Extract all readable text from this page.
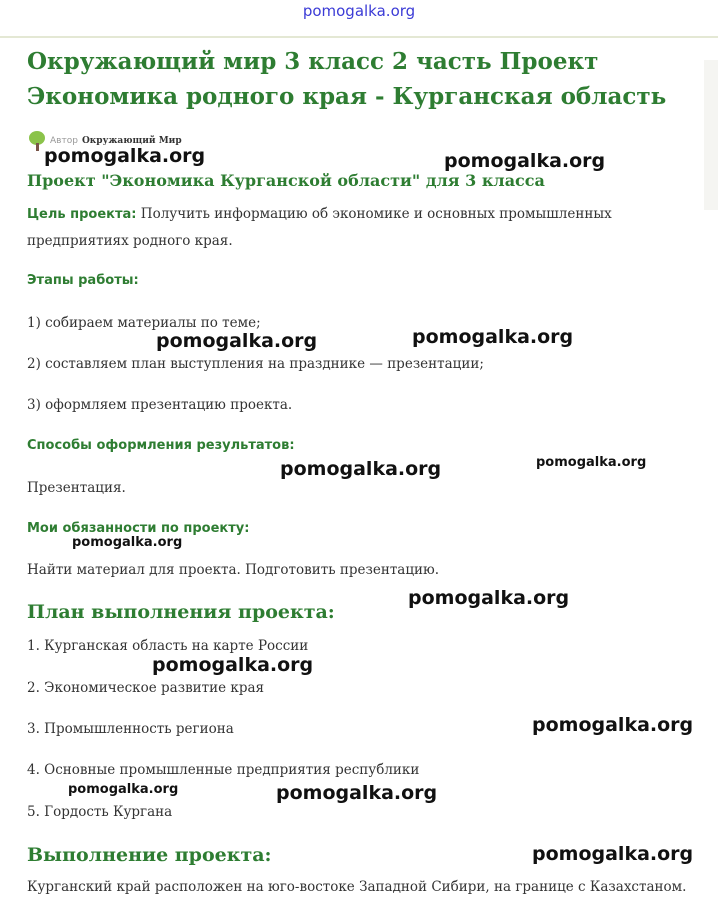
pomogalka.org
Окружающий мир 3 класс 2 часть Проект Экономика родного края - Курганская область
Автор Окружающий Мир
Проект "Экономика Курганской области" для 3 класса

Цель проекта: Получить информацию об экономике и основных промышленных предприятиях родного края.

Этапы работы:
1) собираем материалы по теме;
2) составляем план выступления на празднике — презентации;
3) оформляем презентацию проекта.
Способы оформления результатов:
Презентация.
Мои обязанности по проекту:
Найти материал для проекта. Подготовить презентацию.
План выполнения проекта:
1. Курганская область на карте России
2. Экономическое развитие края
3. Промышленность региона
4. Основные промышленные предприятия республики
5. Гордость Кургана
Выполнение проекта:
Курганский край расположен на юго-востоке Западной Сибири, на границе с Казахстаном.
pomogalka.org	pomogalka.org
pomogalka.org	pomogalka.org
pomogalka.org	pomogalka.org
pomogalka.org
pomogalka.org
pomogalka.org
pomogalka.org
pomogalka.org	pomogalka.org
pomogalka.org
